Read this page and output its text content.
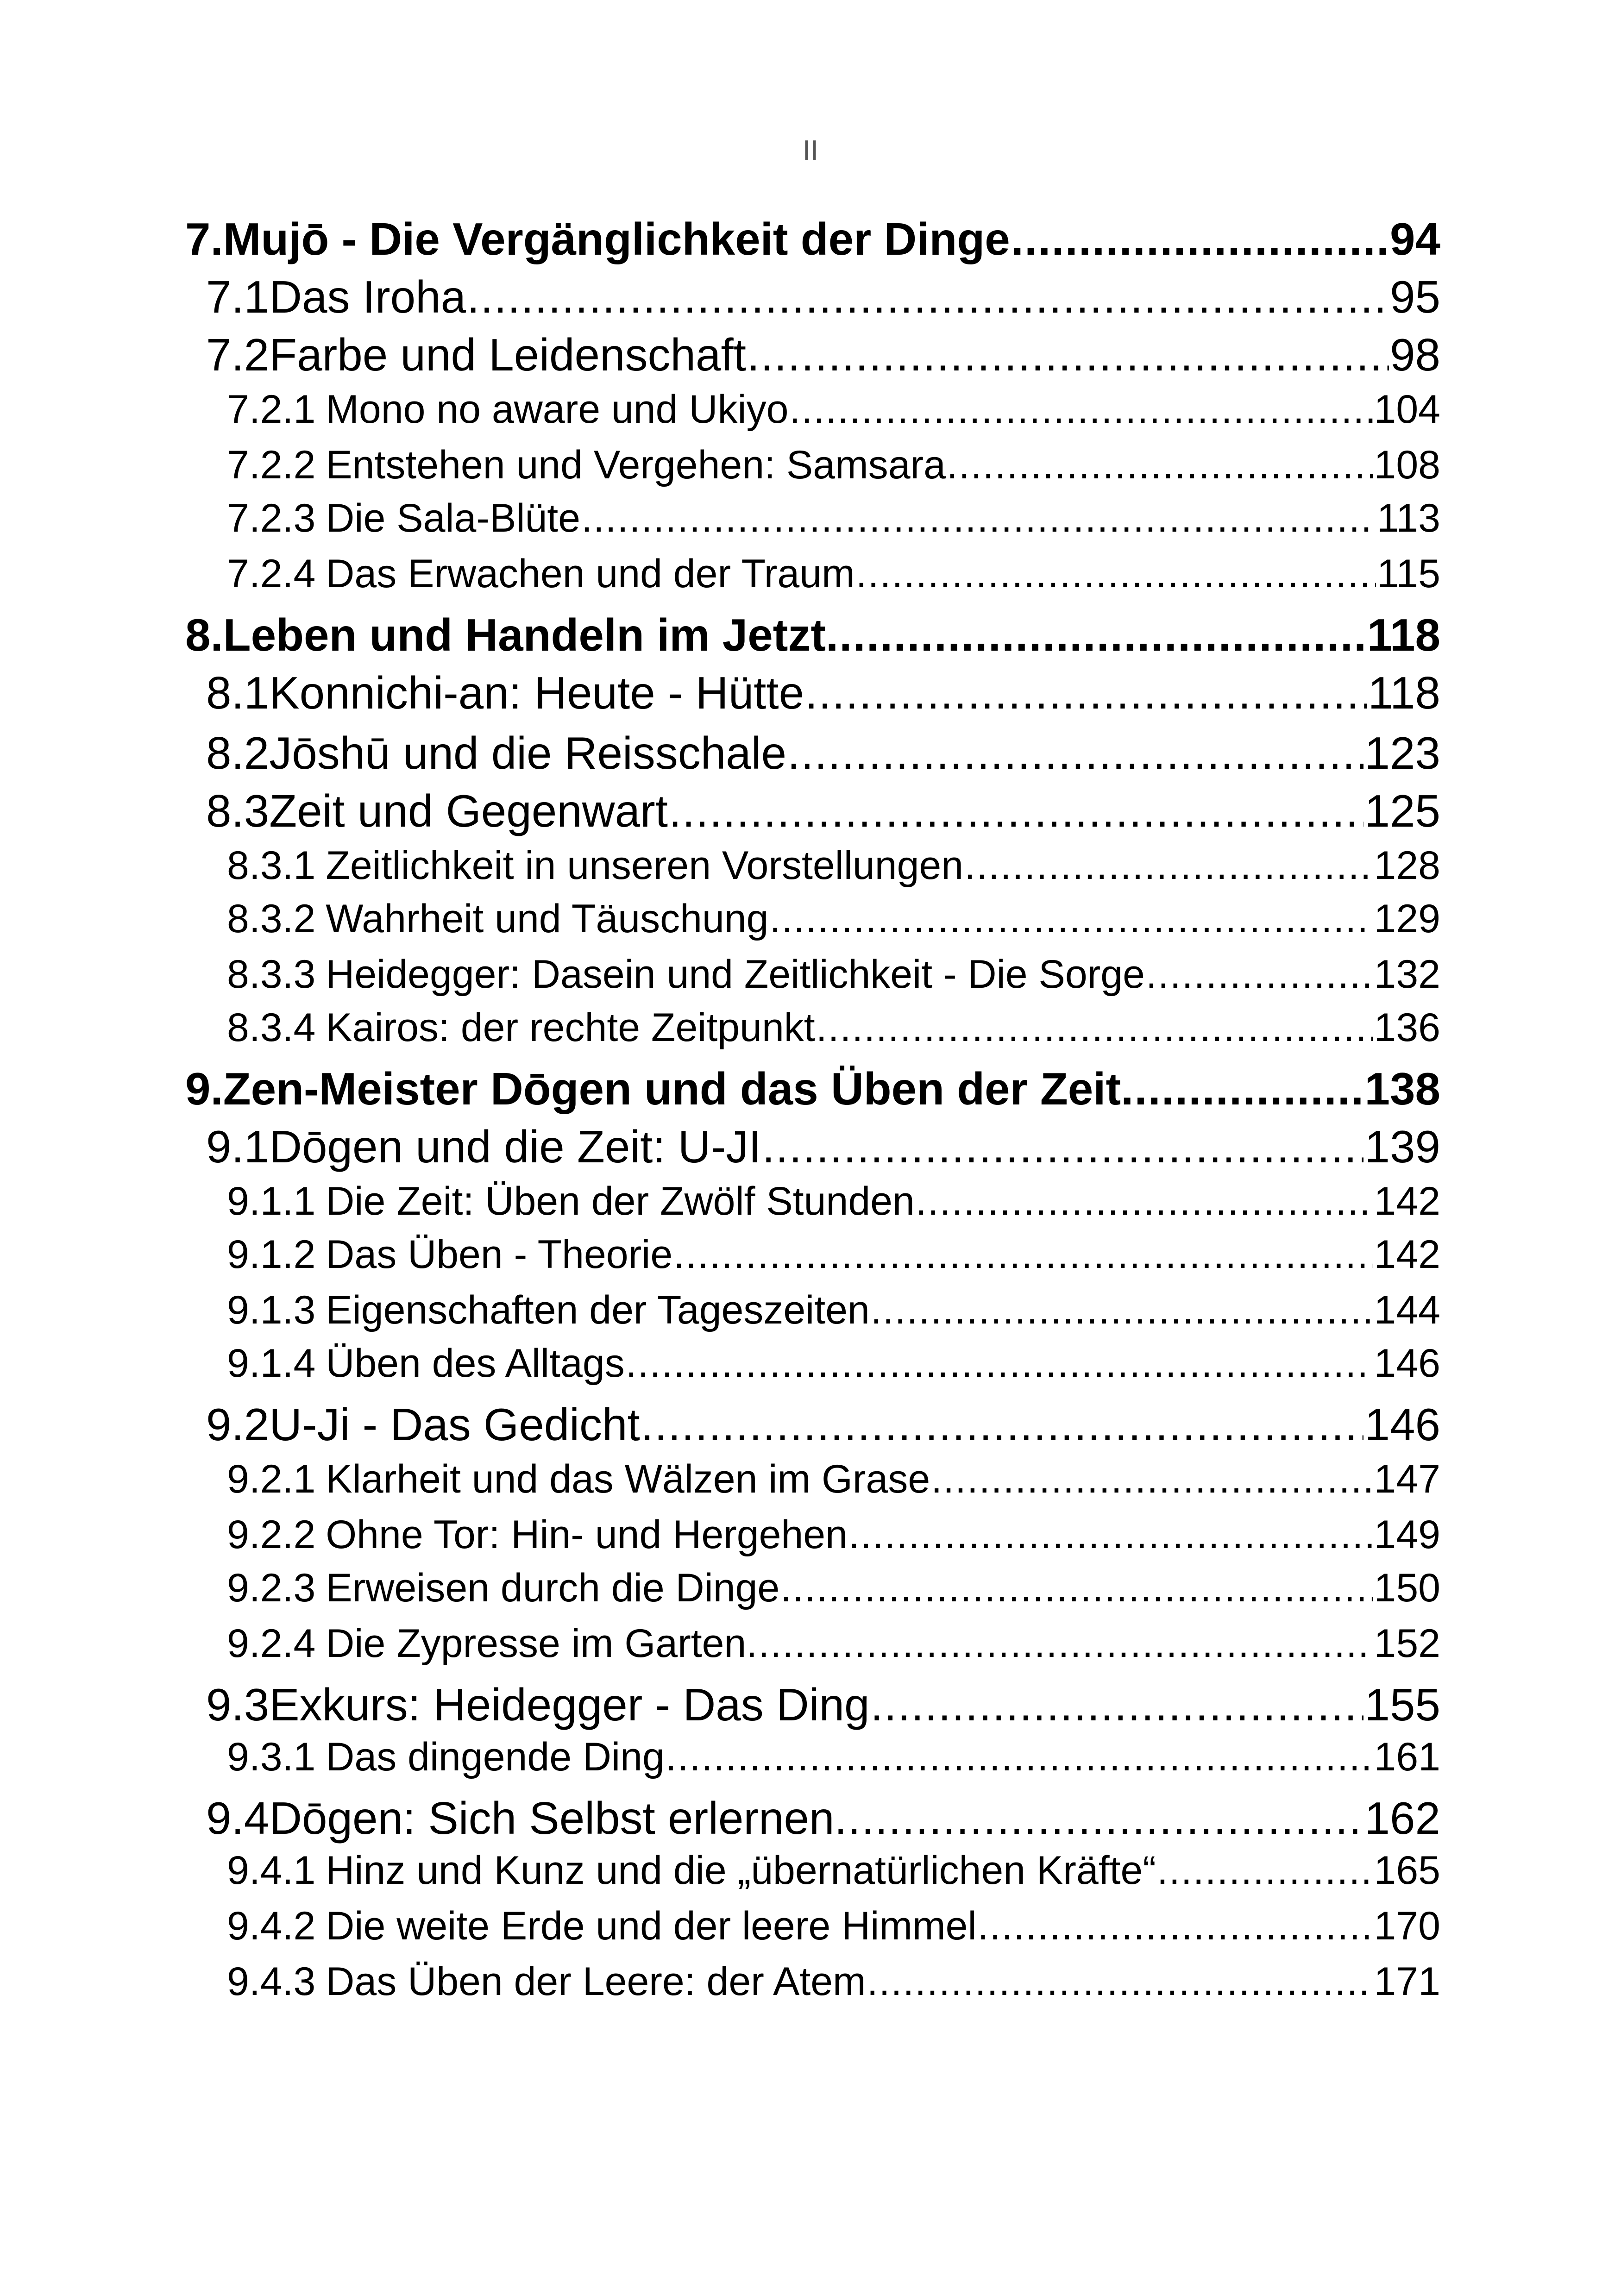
II
7. Mujō - Die Vergänglichkeit der Dinge .....	94
7.1 Das Iroha .....	95
7.2 Farbe und Leidenschaft .....	98
7.2.1 Mono no aware und Ukiyo .....	104
7.2.2 Entstehen und Vergehen: Samsara .....	108
7.2.3 Die Sala-Blüte .....	113
7.2.4 Das Erwachen und der Traum .....	115
8. Leben und Handeln im Jetzt. .....	118
8.1 Konnichi-an: Heute - Hütte .....	118
8.2 Jōshū und die Reisschale .....	123
8.3 Zeit und Gegenwart .....	125
8.3.1 Zeitlichkeit in unseren Vorstellungen .....	128
8.3.2 Wahrheit und Täuschung .....	129
8.3.3 Heidegger: Dasein und Zeitlichkeit - Die Sorge .....	132
8.3.4 Kairos: der rechte Zeitpunkt .....	136
9. Zen-Meister Dōgen und das Üben der Zeit. .....	138
9.1 Dōgen und die Zeit: U-JI .....	139
9.1.1 Die Zeit: Üben der Zwölf Stunden .....	142
9.1.2 Das Üben - Theorie .....	142
9.1.3 Eigenschaften der Tageszeiten .....	144
9.1.4 Üben des Alltags .....	146
9.2 U-Ji - Das Gedicht .....	146
9.2.1 Klarheit und das Wälzen im Grase .....	147
9.2.2 Ohne Tor: Hin- und Hergehen .....	149
9.2.3 Erweisen durch die Dinge .....	150
9.2.4 Die Zypresse im Garten. .....	152
9.3 Exkurs: Heidegger - Das Ding .....	155
9.3.1 Das dingende Ding .....	161
9.4 Dōgen: Sich Selbst erlernen. .....	162
9.4.1 Hinz und Kunz und die „übernatürlichen Kräfte“ .....	165
9.4.2 Die weite Erde und der leere Himmel .....	170
9.4.3 Das Üben der Leere: der Atem .....	171
